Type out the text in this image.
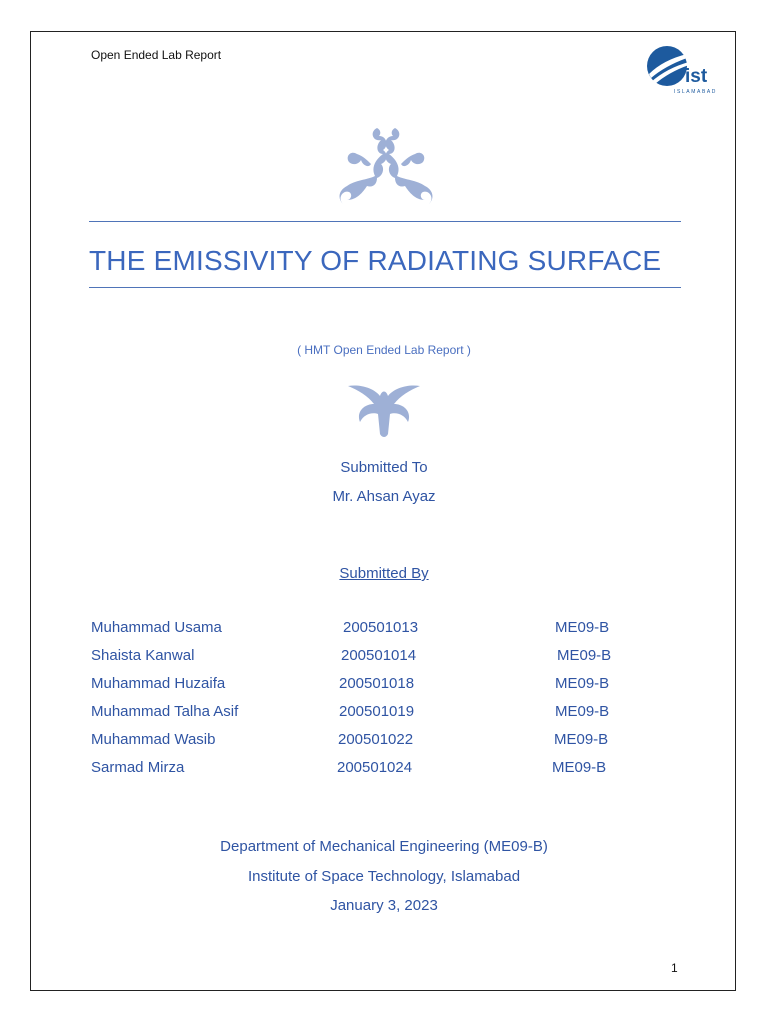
Open Ended Lab Report
ist
ISLAMABAD
THE EMISSIVITY OF RADIATING SURFACE
( HMT Open Ended Lab Report )
Submitted To
Mr. Ahsan Ayaz
Submitted By
Muhammad Usama	200501013	ME09-B
Shaista Kanwal	200501014	ME09-B
Muhammad Huzaifa	200501018	ME09-B
Muhammad Talha Asif	200501019	ME09-B
Muhammad Wasib	200501022	ME09-B
Sarmad Mirza	200501024	ME09-B
Department of Mechanical Engineering (ME09-B)
Institute of Space Technology, Islamabad
January 3, 2023
1
